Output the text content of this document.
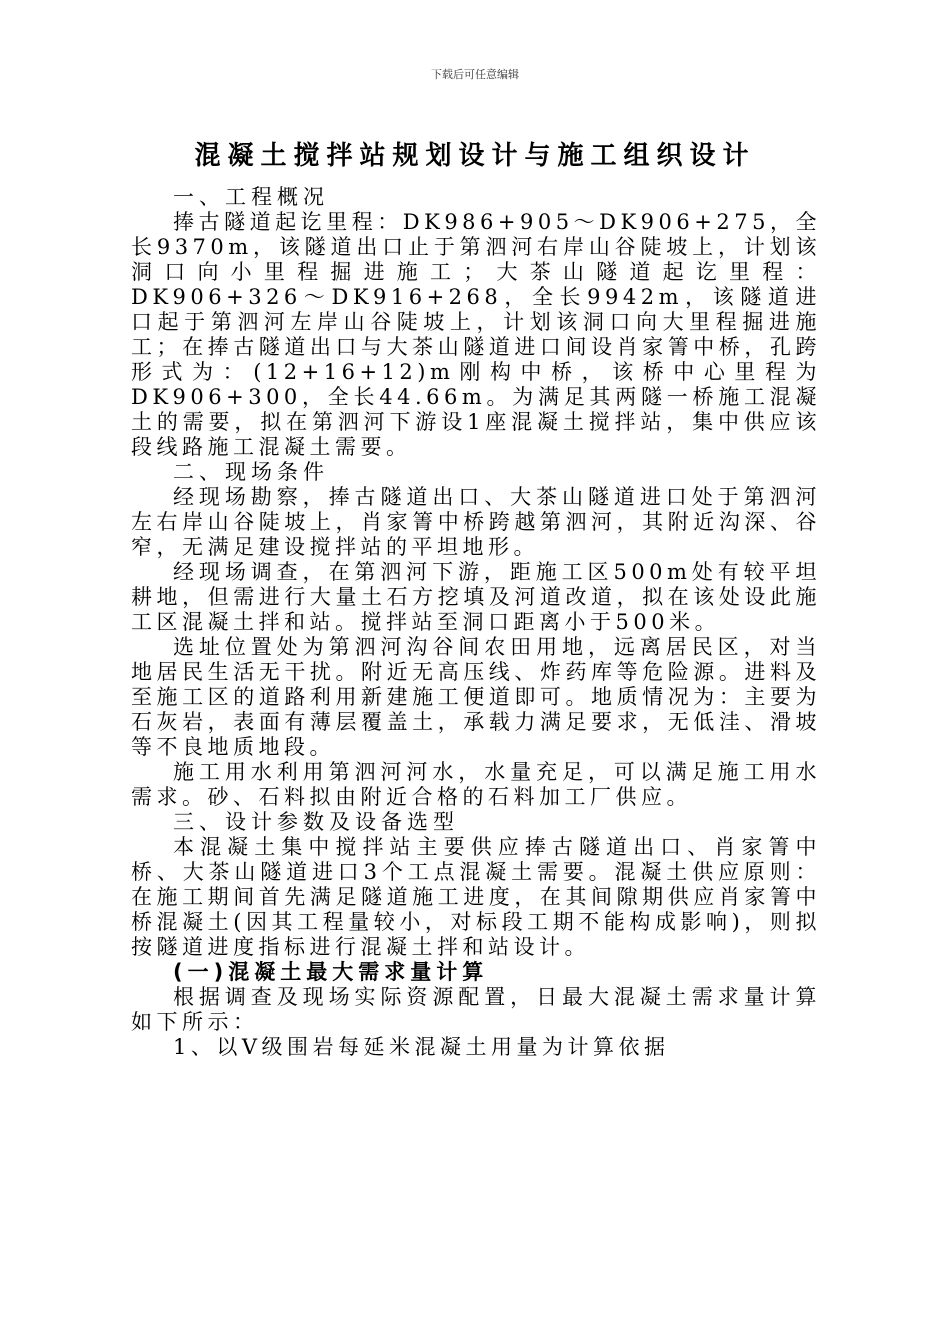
下载后可任意编辑
混凝土搅拌站规划设计与施工组织设计
一、工程概况

捧古隧道起讫里程：DK986+905～DK906+275，全长9370m，该隧道出口止于第泗河右岸山谷陡坡上，计划该洞口向小里程掘进施工；大茶山隧道起讫里程：DK906+326～DK916+268，全长9942m，该隧道进口起于第泗河左岸山谷陡坡上，计划该洞口向大里程掘进施工；在捧古隧道出口与大茶山隧道进口间设肖家箐中桥，孔跨形式为：(12+16+12)m刚构中桥，该桥中心里程为DK906+300，全长44.66m。为满足其两隧一桥施工混凝土的需要，拟在第泗河下游设1座混凝土搅拌站，集中供应该段线路施工混凝土需要。

二、现场条件

经现场勘察，捧古隧道出口、大茶山隧道进口处于第泗河左右岸山谷陡坡上，肖家箐中桥跨越第泗河，其附近沟深、谷窄，无满足建设搅拌站的平坦地形。

经现场调查，在第泗河下游，距施工区500m处有较平坦耕地，但需进行大量土石方挖填及河道改道，拟在该处设此施工区混凝土拌和站。搅拌站至洞口距离小于500米。

选址位置处为第泗河沟谷间农田用地，远离居民区，对当地居民生活无干扰。附近无高压线、炸药库等危险源。进料及至施工区的道路利用新建施工便道即可。地质情况为：主要为石灰岩，表面有薄层覆盖土，承载力满足要求，无低洼、滑坡等不良地质地段。

施工用水利用第泗河河水，水量充足，可以满足施工用水需求。砂、石料拟由附近合格的石料加工厂供应。

三、设计参数及设备选型

本混凝土集中搅拌站主要供应捧古隧道出口、肖家箐中桥、大茶山隧道进口3个工点混凝土需要。混凝土供应原则：在施工期间首先满足隧道施工进度，在其间隙期供应肖家箐中桥混凝土(因其工程量较小，对标段工期不能构成影响)，则拟按隧道进度指标进行混凝土拌和站设计。

(一)混凝土最大需求量计算

根据调查及现场实际资源配置，日最大混凝土需求量计算如下所示：

1、以Ⅴ级围岩每延米混凝土用量为计算依据
